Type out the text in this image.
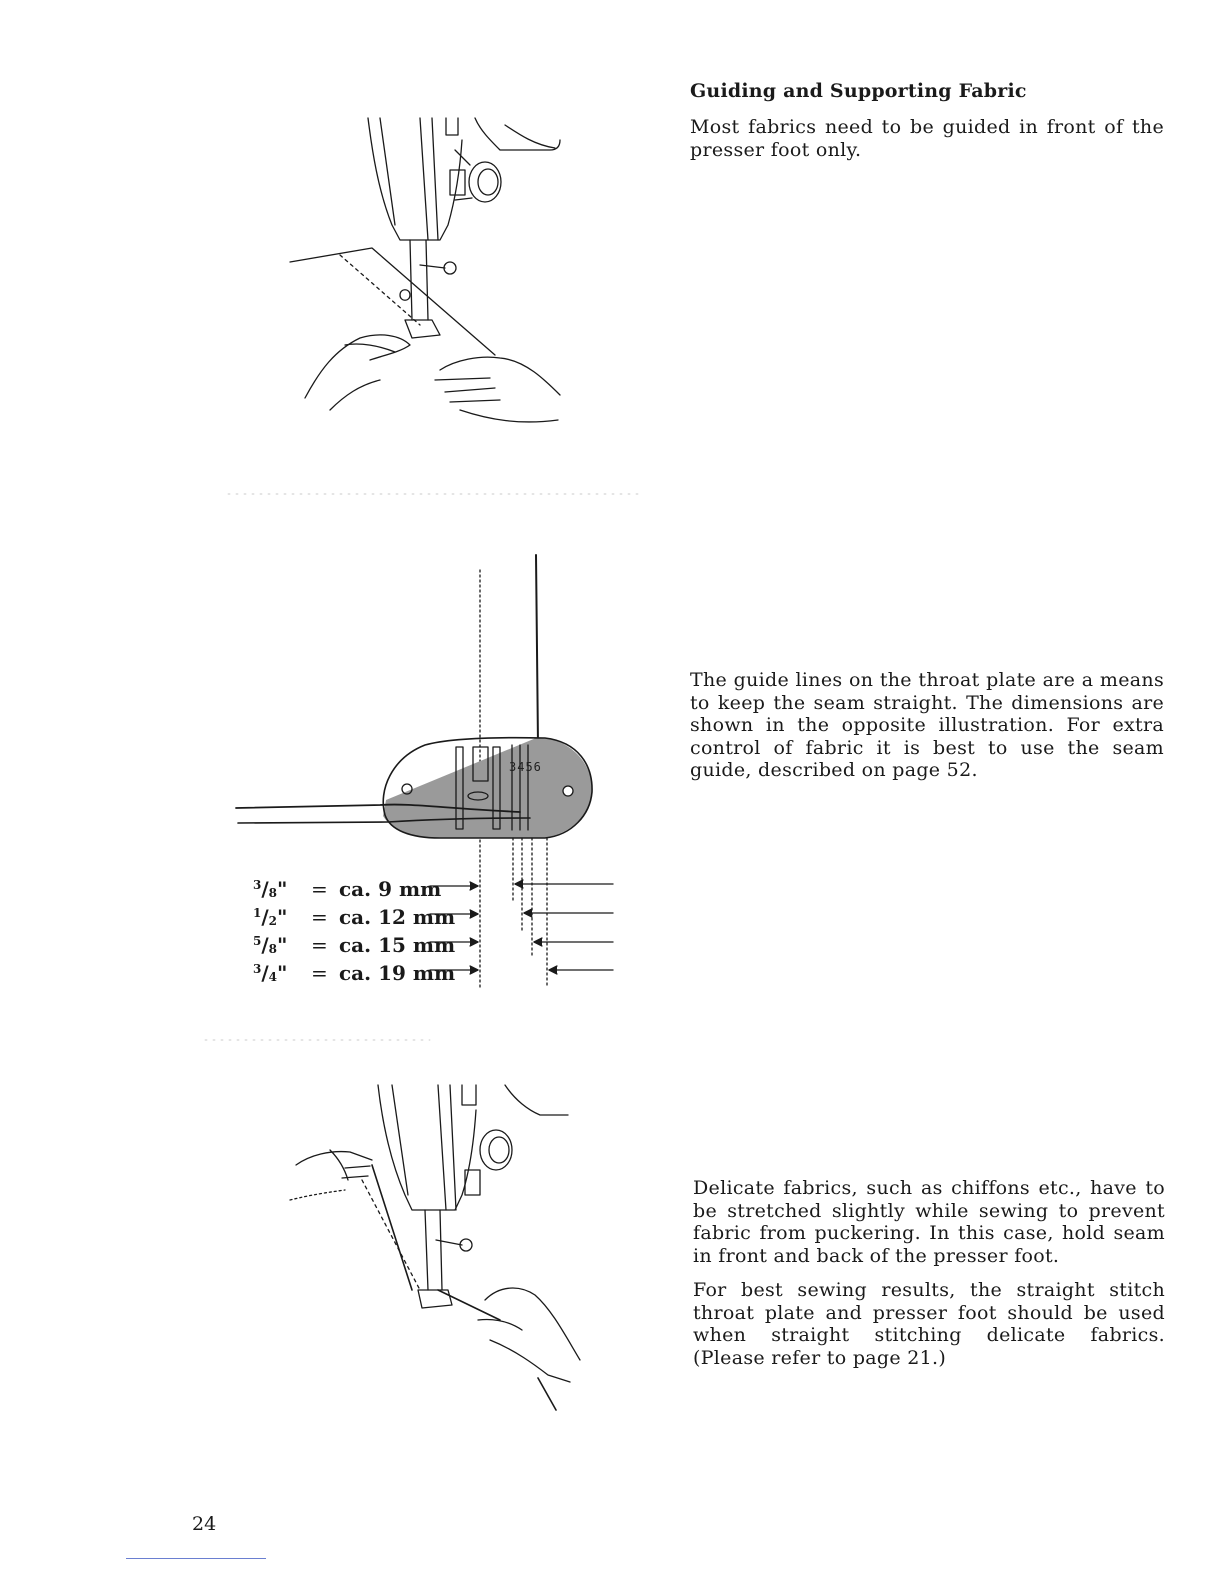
Guiding and Supporting Fabric

Most fabrics need to be guided in front of the presser foot only.

The guide lines on the throat plate are a means to keep the seam straight. The dimensions are shown in the opposite illustration. For extra control of fabric it is best to use the seam guide, described on page 52.

Delicate fabrics, such as chiffons etc., have to be stretched slightly while sewing to prevent fabric from puckering. In this case, hold seam in front and back of the presser foot.

For best sewing results, the straight stitch throat plate and presser foot should be used when straight stitching delicate fabrics. (Please refer to page 21.)

3456
$^3/_8$" = ca. 9 mm
$^1/_2$" = ca. 12 mm
$^5/_8$" = ca. 15 mm
$^3/_4$" = ca. 19 mm

24
